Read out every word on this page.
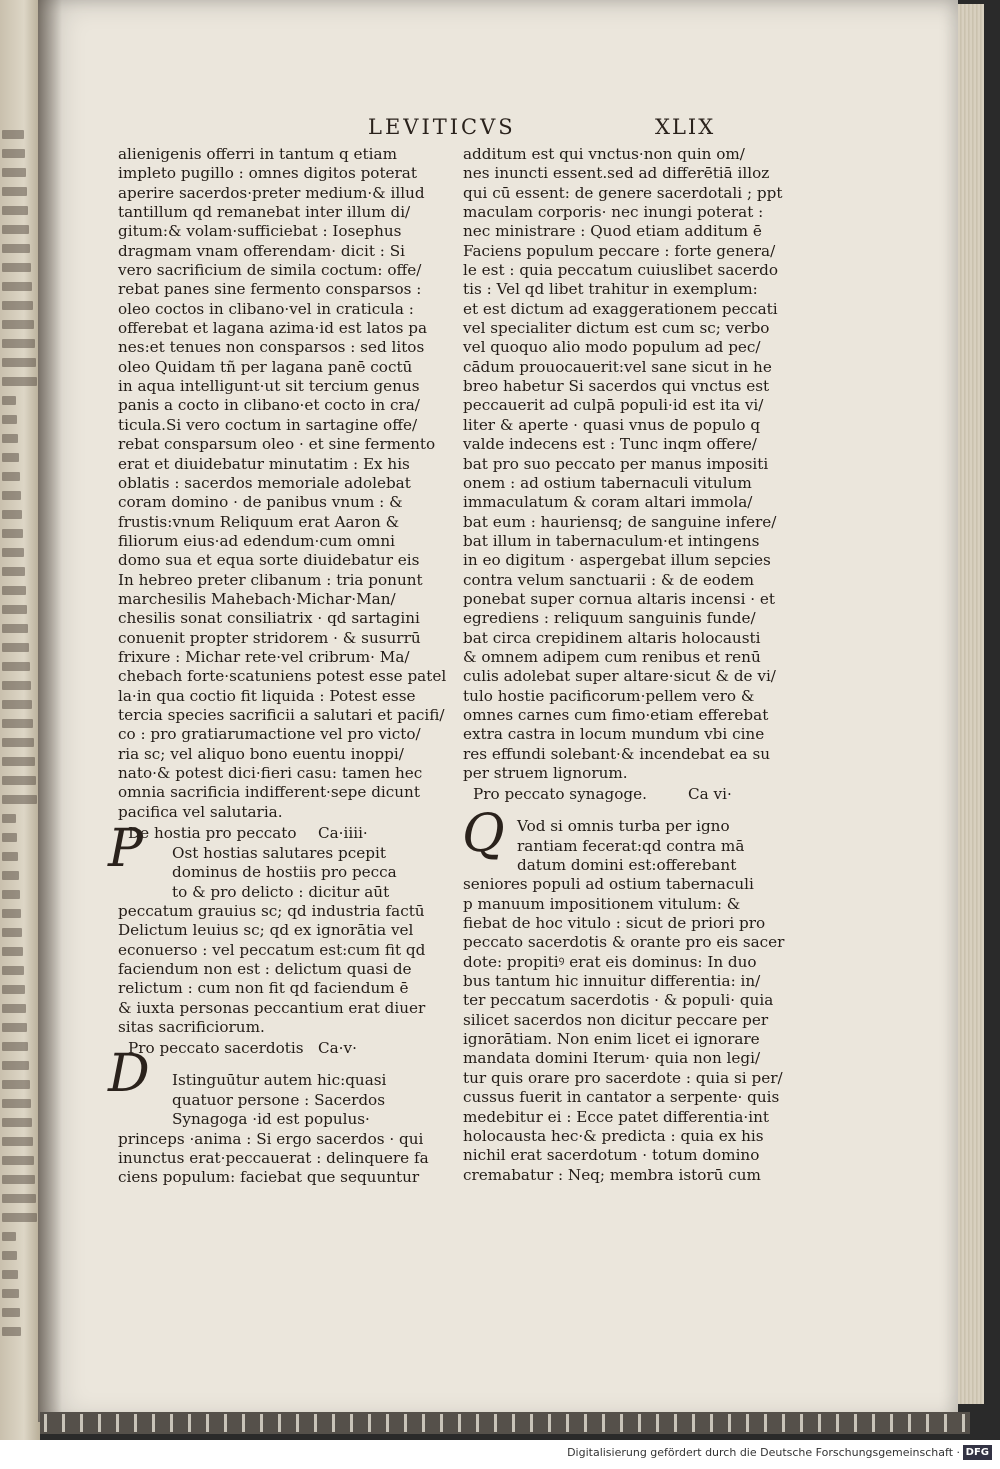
LEVITICVS	XLIX
alienigenis offerri in tantum q etiam
impleto pugillo : omnes digitos poterat
aperire sacerdos·preter medium·& illud
tantillum qd remanebat inter illum di/
gitum:& volam·sufficiebat : Iosephus
dragmam vnam offerendam· dicit : Si
vero sacrificium de simila coctum: offe/
rebat panes sine fermento consparsos :
oleo coctos in clibano·vel in craticula :
offerebat et lagana azima·id est latos pa
nes:et tenues non consparsos : sed litos
oleo Quidam tñ per lagana panē coctū
in aqua intelligunt·ut sit tercium genus
panis a cocto in clibano·et cocto in cra/
ticula.Si vero coctum in sartagine offe/
rebat consparsum oleo · et sine fermento
erat et diuidebatur minutatim : Ex his
oblatis : sacerdos memoriale adolebat
coram domino · de panibus vnum : &
frustis:vnum Reliquum erat Aaron &
filiorum eius·ad edendum·cum omni
domo sua et equa sorte diuidebatur eis
In hebreo preter clibanum : tria ponunt
marchesilis Mahebach·Michar·Man/
chesilis sonat consiliatrix · qd sartagini
conuenit propter stridorem · & susurrū
frixure : Michar rete·vel cribrum· Ma/
chebach forte·scatuniens potest esse patel
la·in qua coctio fit liquida : Potest esse
tercia species sacrificii a salutari et pacifi/
co : pro gratiarumactione vel pro victo/
ria sc; vel aliquo bono euentu inoppi/
nato·& potest dici·fieri casu: tamen hec
omnia sacrificia indifferent·sepe dicunt
pacifica vel salutaria.
De hostia pro peccato Ca·iiii·
Ost hostias salutares pcepit
dominus de hostiis pro pecca
to & pro delicto : dicitur aūt
peccatum grauius sc; qd industria factū
Delictum leuius sc; qd ex ignorātia vel
econuerso : vel peccatum est:cum fit qd
faciendum non est : delictum quasi de
relictum : cum non fit qd faciendum ē
& iuxta personas peccantium erat diuer
sitas sacrificiorum.
Pro peccato sacerdotis Ca·v·
Istinguūtur autem hic:quasi
quatuor persone : Sacerdos
Synagoga ·id est populus·
princeps ·anima : Si ergo sacerdos · qui
inunctus erat·peccauerat : delinquere fa
ciens populum: faciebat que sequuntur
P
D
additum est qui vnctus·non quin om/
nes inuncti essent.sed ad differētiā illoz
qui cū essent: de genere sacerdotali ; ppt
maculam corporis· nec inungi poterat :
nec ministrare : Quod etiam additum ē
Faciens populum peccare : forte genera/
le est : quia peccatum cuiuslibet sacerdo
tis : Vel qd libet trahitur in exemplum:
et est dictum ad exaggerationem peccati
vel specialiter dictum est cum sc; verbo
vel quoquo alio modo populum ad pec/
cādum prouocauerit:vel sane sicut in he
breo habetur Si sacerdos qui vnctus est
peccauerit ad culpā populi·id est ita vi/
liter & aperte · quasi vnus de populo q
valde indecens est : Tunc inqm offere/
bat pro suo peccato per manus impositi
onem : ad ostium tabernaculi vitulum
immaculatum & coram altari immola/
bat eum : hauriensq; de sanguine infere/
bat illum in tabernaculum·et intingens
in eo digitum · aspergebat illum sepcies
contra velum sanctuarii : & de eodem
ponebat super cornua altaris incensi · et
egrediens : reliquum sanguinis funde/
bat circa crepidinem altaris holocausti
& omnem adipem cum renibus et renū
culis adolebat super altare·sicut & de vi/
tulo hostie pacificorum·pellem vero &
omnes carnes cum fimo·etiam efferebat
extra castra in locum mundum vbi cine
res effundi solebant·& incendebat ea su
per struem lignorum.
Pro peccato synagoge.	Ca vi·
Vod si omnis turba per igno
rantiam fecerat:qd contra mā
datum domini est:offerebant
seniores populi ad ostium tabernaculi
p manuum impositionem vitulum: &
fiebat de hoc vitulo : sicut de priori pro
peccato sacerdotis & orante pro eis sacer
dote: propitiꝰ erat eis dominus: In duo
bus tantum hic innuitur differentia: in/
ter peccatum sacerdotis · & populi· quia
silicet sacerdos non dicitur peccare per
ignorātiam. Non enim licet ei ignorare
mandata domini Iterum· quia non legi/
tur quis orare pro sacerdote : quia si per/
cussus fuerit in cantator a serpente· quis
medebitur ei : Ecce patet differentia·int
holocausta hec·& predicta : quia ex his
nichil erat sacerdotum · totum domino
cremabatur : Neq; membra istorū cum
Q
Digitalisierung gefördert durch die Deutsche Forschungsgemeinschaft · DFG
